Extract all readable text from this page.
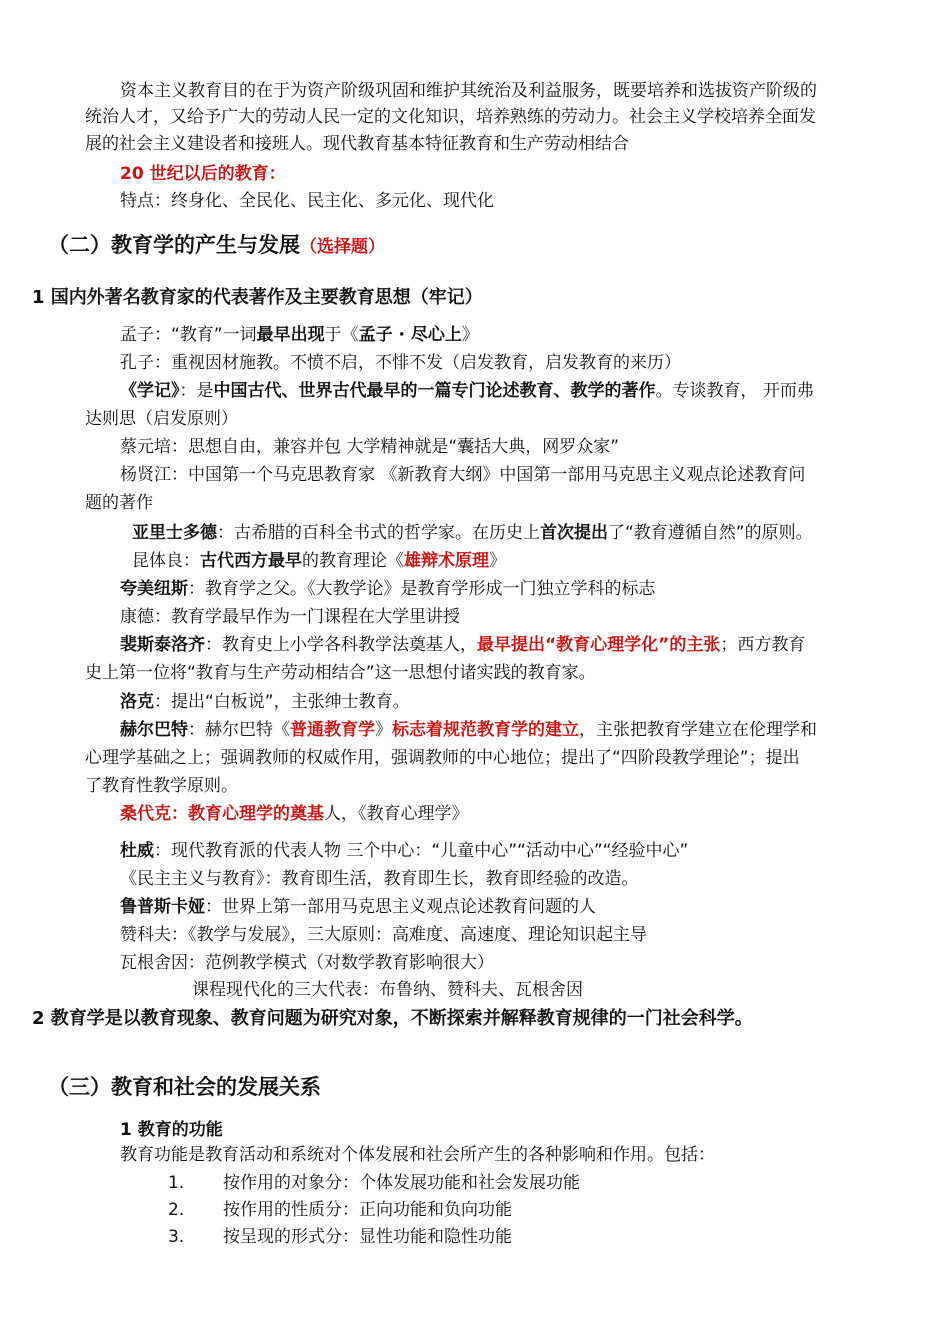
资本主义教育目的在于为资产阶级巩固和维护其统治及利益服务，既要培养和选拔资产阶级的
统治人才，又给予广大的劳动人民一定的文化知识，培养熟练的劳动力。社会主义学校培养全面发
展的社会主义建设者和接班人。现代教育基本特征教育和生产劳动相结合
20 世纪以后的教育：
特点：终身化、全民化、民主化、多元化、现代化
（二）教育学的产生与发展（选择题）
1 国内外著名教育家的代表著作及主要教育思想（牢记）
孟子：“教育”一词最早出现于《孟子 · 尽心上》
孔子：重视因材施教。不愤不启，不悱不发（启发教育，启发教育的来历）
《学记》：是中国古代、世界古代最早的一篇专门论述教育、教学的著作。专谈教育， 开而弗
达则思（启发原则）
蔡元培：思想自由，兼容并包 大学精神就是“囊括大典，网罗众家”
杨贤江：中国第一个马克思教育家 《新教育大纲》中国第一部用马克思主义观点论述教育问
题的著作
亚里士多德：古希腊的百科全书式的哲学家。在历史上首次提出了“教育遵循自然”的原则。
昆体良：古代西方最早的教育理论《雄辩术原理》
夸美纽斯：教育学之父。《大教学论》是教育学形成一门独立学科的标志
康德：教育学最早作为一门课程在大学里讲授
裴斯泰洛齐：教育史上小学各科教学法奠基人，最早提出“教育心理学化”的主张；西方教育
史上第一位将“教育与生产劳动相结合”这一思想付诸实践的教育家。
洛克：提出“白板说”，主张绅士教育。
赫尔巴特：赫尔巴特《普通教育学》标志着规范教育学的建立，主张把教育学建立在伦理学和
心理学基础之上；强调教师的权威作用，强调教师的中心地位；提出了“四阶段教学理论”；提出
了教育性教学原则。
桑代克：教育心理学的奠基人，《教育心理学》
杜威：现代教育派的代表人物 三个中心：“儿童中心”“活动中心”“经验中心”
《民主主义与教育》：教育即生活，教育即生长，教育即经验的改造。
鲁普斯卡娅：世界上第一部用马克思主义观点论述教育问题的人
赞科夫：《教学与发展》，三大原则：高难度、高速度、理论知识起主导
瓦根舍因：范例教学模式（对数学教育影响很大）
课程现代化的三大代表：布鲁纳、赞科夫、瓦根舍因
2 教育学是以教育现象、教育问题为研究对象，不断探索并解释教育规律的一门社会科学。
（三）教育和社会的发展关系
1 教育的功能
教育功能是教育活动和系统对个体发展和社会所产生的各种影响和作用。包括：
1. 按作用的对象分：个体发展功能和社会发展功能
2. 按作用的性质分：正向功能和负向功能
3. 按呈现的形式分：显性功能和隐性功能
